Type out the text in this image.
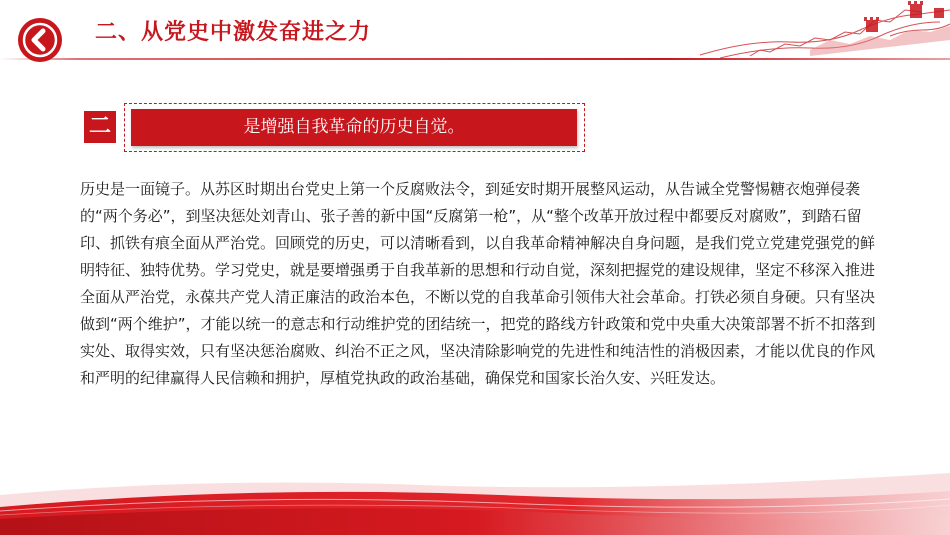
二、从党史中激发奋进之力
二	是增强自我革命的历史自觉。

历史是一面镜子。从苏区时期出台党史上第一个反腐败法令，到延安时期开展整风运动，从告诫全党警惕糖衣炮弹侵袭的“两个务必”，到坚决惩处刘青山、张子善的新中国“反腐第一枪”，从“整个改革开放过程中都要反对腐败”，到踏石留印、抓铁有痕全面从严治党。回顾党的历史，可以清晰看到，以自我革命精神解决自身问题，是我们党立党建党强党的鲜明特征、独特优势。学习党史，就是要增强勇于自我革新的思想和行动自觉，深刻把握党的建设规律，坚定不移深入推进全面从严治党，永葆共产党人清正廉洁的政治本色，不断以党的自我革命引领伟大社会革命。打铁必须自身硬。只有坚决做到“两个维护”，才能以统一的意志和行动维护党的团结统一，把党的路线方针政策和党中央重大决策部署不折不扣落到实处、取得实效，只有坚决惩治腐败、纠治不正之风，坚决清除影响党的先进性和纯洁性的消极因素，才能以优良的作风和严明的纪律赢得人民信赖和拥护，厚植党执政的政治基础，确保党和国家长治久安、兴旺发达。
